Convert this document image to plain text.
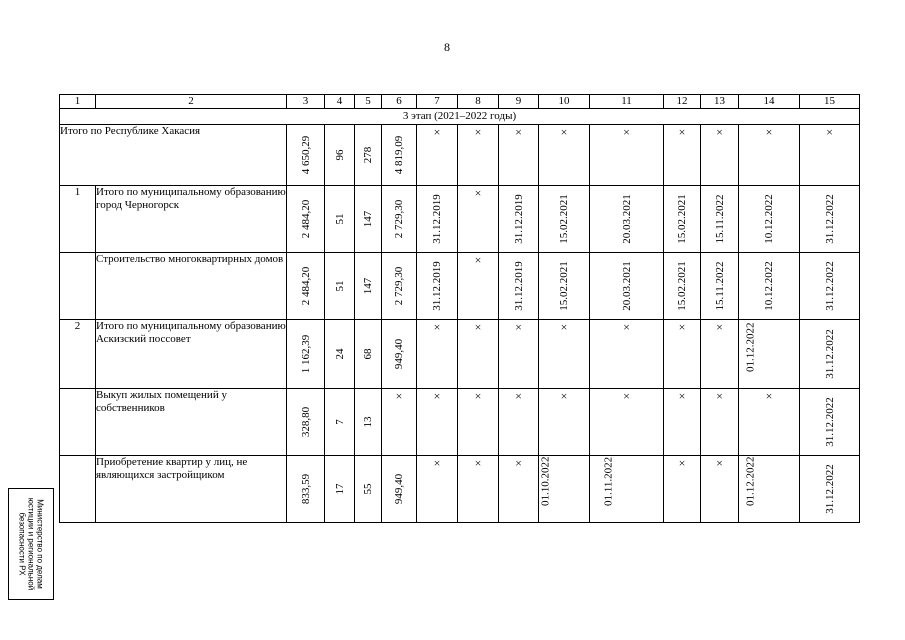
8
1	2	3	4	5	6	7	8	9	10	11	12	13	14	15
3 этап (2021–2022 годы)														
Итого по Республике Хакасия		4 650,29	96	278	4 819,09	×	×	×	×	×	×	×	×	×
1	Итого по муниципальному образованию город Черногорск	2 484,20	51	147	2 729,30	31.12.2019	×	31.12.2019	15.02.2021	20.03.2021	15.02.2021	15.11.2022	10.12.2022	31.12.2022

	Строительство многоквартирных домов	2 484,20	51	147	2 729,30	31.12.2019	×	31.12.2019	15.02.2021	20.03.2021	15.02.2021	15.11.2022	10.12.2022	31.12.2022

2	Итого по муниципальному образованию Аскизский поссовет	1 162,39	24	68	949,40	×	×	×	×	×	×	×	01.12.2022	31.12.2022

	Выкуп жилых помещений у собственников	328,80	7	13	×	×	×	×	×	×	×	×	×	31.12.2022

	Приобретение квартир у лиц, не являющихся застройщиком	833,59	17	55	949,40	×	×	×	01.10.2022	01.11.2022	×	×	01.12.2022	31.12.2022
Министерство по делам
юстиции и региональной
безопасности РХ
